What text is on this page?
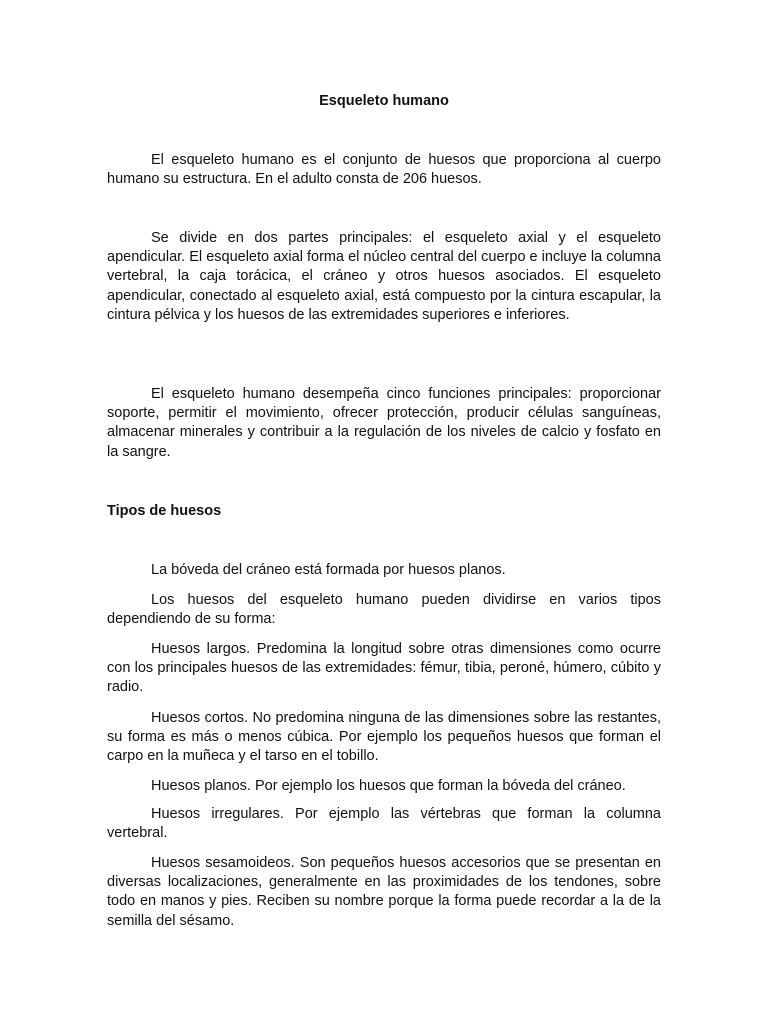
Esqueleto humano

El esqueleto humano es el conjunto de huesos que proporciona al cuerpo humano su estructura. En el adulto consta de 206 huesos.

Se divide en dos partes principales: el esqueleto axial y el esqueleto apendicular. El esqueleto axial forma el núcleo central del cuerpo e incluye la columna vertebral, la caja torácica, el cráneo y otros huesos asociados. El esqueleto apendicular, conectado al esqueleto axial, está compuesto por la cintura escapular, la cintura pélvica y los huesos de las extremidades superiores e inferiores.

El esqueleto humano desempeña cinco funciones principales: proporcionar soporte, permitir el movimiento, ofrecer protección, producir células sanguíneas, almacenar minerales y contribuir a la regulación de los niveles de calcio y fosfato en la sangre.

Tipos de huesos

La bóveda del cráneo está formada por huesos planos.

Los huesos del esqueleto humano pueden dividirse en varios tipos dependiendo de su forma:

Huesos largos. Predomina la longitud sobre otras dimensiones como ocurre con los principales huesos de las extremidades: fémur, tibia, peroné, húmero, cúbito y radio.

Huesos cortos. No predomina ninguna de las dimensiones sobre las restantes, su forma es más o menos cúbica. Por ejemplo los pequeños huesos que forman el carpo en la muñeca y el tarso en el tobillo.

Huesos planos. Por ejemplo los huesos que forman la bóveda del cráneo.

Huesos irregulares. Por ejemplo las vértebras que forman la columna vertebral.

Huesos sesamoideos. Son pequeños huesos accesorios que se presentan en diversas localizaciones, generalmente en las proximidades de los tendones, sobre todo en manos y pies. Reciben su nombre porque la forma puede recordar a la de la semilla del sésamo.
